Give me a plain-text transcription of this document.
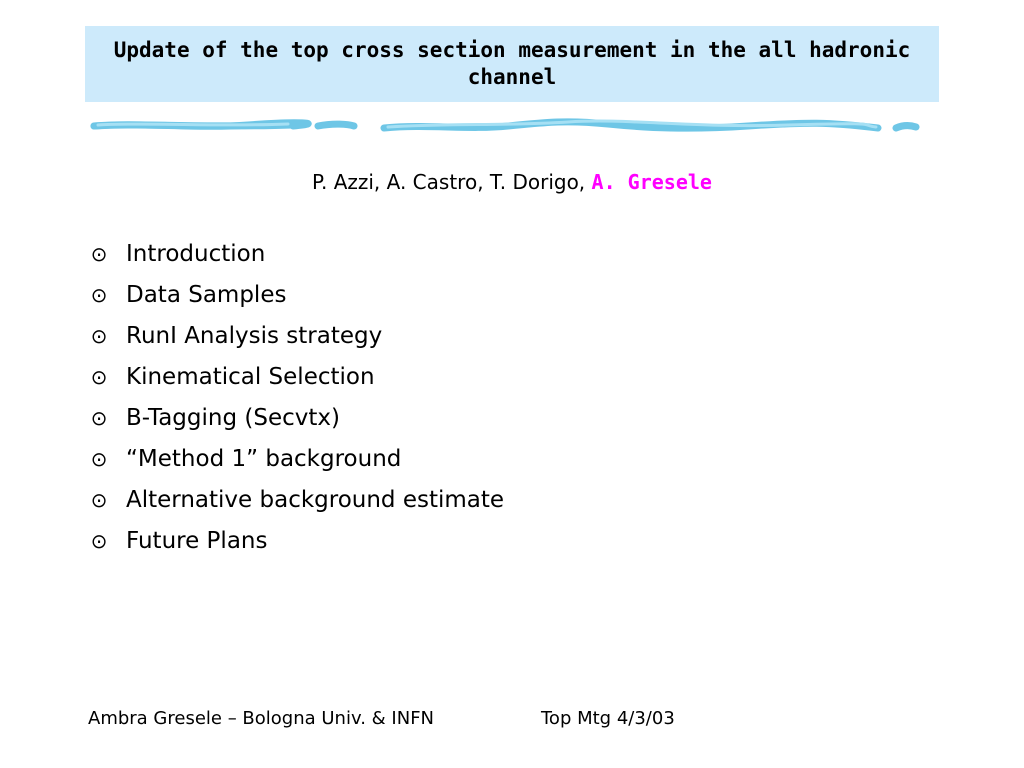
Update of the top cross section measurement in the all hadronic channel
P. Azzi, A. Castro, T. Dorigo, A. Gresele
⊙ Introduction
⊙ Data Samples
⊙ RunI Analysis strategy
⊙ Kinematical Selection
⊙ B-Tagging (Secvtx)
⊙ “Method 1” background
⊙ Alternative background estimate
⊙ Future Plans
Ambra Gresele – Bologna Univ. & INFN	Top Mtg 4/3/03
